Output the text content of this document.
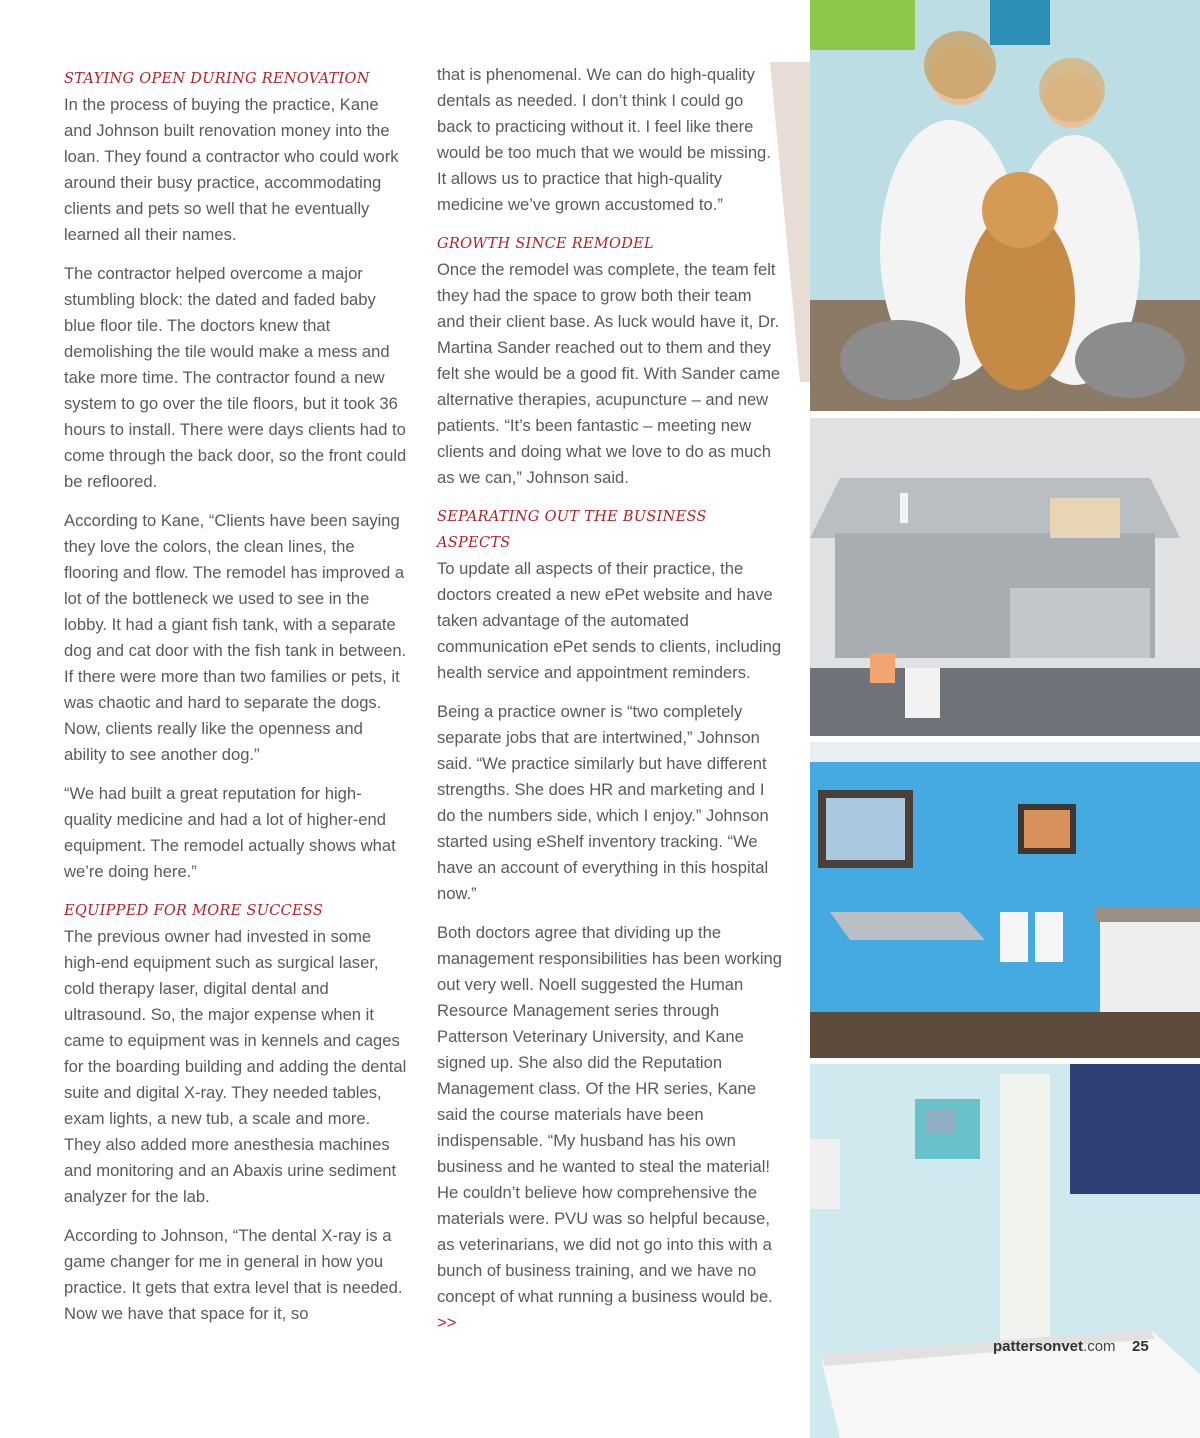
STAYING OPEN DURING RENOVATION

In the process of buying the practice, Kane and Johnson built renovation money into the loan. They found a contractor who could work around their busy practice, accommodating clients and pets so well that he eventually learned all their names.

The contractor helped overcome a major stumbling block: the dated and faded baby blue floor tile. The doctors knew that demolishing the tile would make a mess and take more time. The contractor found a new system to go over the tile floors, but it took 36 hours to install. There were days clients had to come through the back door, so the front could be refloored.

According to Kane, “Clients have been saying they love the colors, the clean lines, the flooring and flow. The remodel has improved a lot of the bottleneck we used to see in the lobby. It had a giant fish tank, with a separate dog and cat door with the fish tank in between. If there were more than two families or pets, it was chaotic and hard to separate the dogs. Now, clients really like the openness and ability to see another dog.”

“We had built a great reputation for high-quality medicine and had a lot of higher-end equipment. The remodel actually shows what we’re doing here.”

EQUIPPED FOR MORE SUCCESS

The previous owner had invested in some high-end equipment such as surgical laser, cold therapy laser, digital dental and ultrasound. So, the major expense when it came to equipment was in kennels and cages for the boarding building and adding the dental suite and digital X-ray. They needed tables, exam lights, a new tub, a scale and more. They also added more anesthesia machines and monitoring and an Abaxis urine sediment analyzer for the lab.

According to Johnson, “The dental X-ray is a game changer for me in general in how you practice. It gets that extra level that is needed. Now we have that space for it, so

that is phenomenal. We can do high-quality dentals as needed. I don’t think I could go back to practicing without it. I feel like there would be too much that we would be missing. It allows us to practice that high-quality medicine we’ve grown accustomed to.”

GROWTH SINCE REMODEL

Once the remodel was complete, the team felt they had the space to grow both their team and their client base. As luck would have it, Dr. Martina Sander reached out to them and they felt she would be a good fit. With Sander came alternative therapies, acupuncture – and new patients. “It’s been fantastic – meeting new clients and doing what we love to do as much as we can,” Johnson said.

SEPARATING OUT THE BUSINESS ASPECTS

To update all aspects of their practice, the doctors created a new ePet website and have taken advantage of the automated communication ePet sends to clients, including health service and appointment reminders.

Being a practice owner is “two completely separate jobs that are intertwined,” Johnson said. “We practice similarly but have different strengths. She does HR and marketing and I do the numbers side, which I enjoy.” Johnson started using eShelf inventory tracking. “We have an account of everything in this hospital now.”

Both doctors agree that dividing up the management responsibilities has been working out very well. Noell suggested the Human Resource Management series through Patterson Veterinary University, and Kane signed up. She also did the Reputation Management class. Of the HR series, Kane said the course materials have been indispensable. “My husband has his own business and he wanted to steal the material! He couldn’t believe how comprehensive the materials were. PVU was so helpful because, as veterinarians, we did not go into this with a bunch of business training, and we have no concept of what running a business would be. >>

pattersonvet.com 25
